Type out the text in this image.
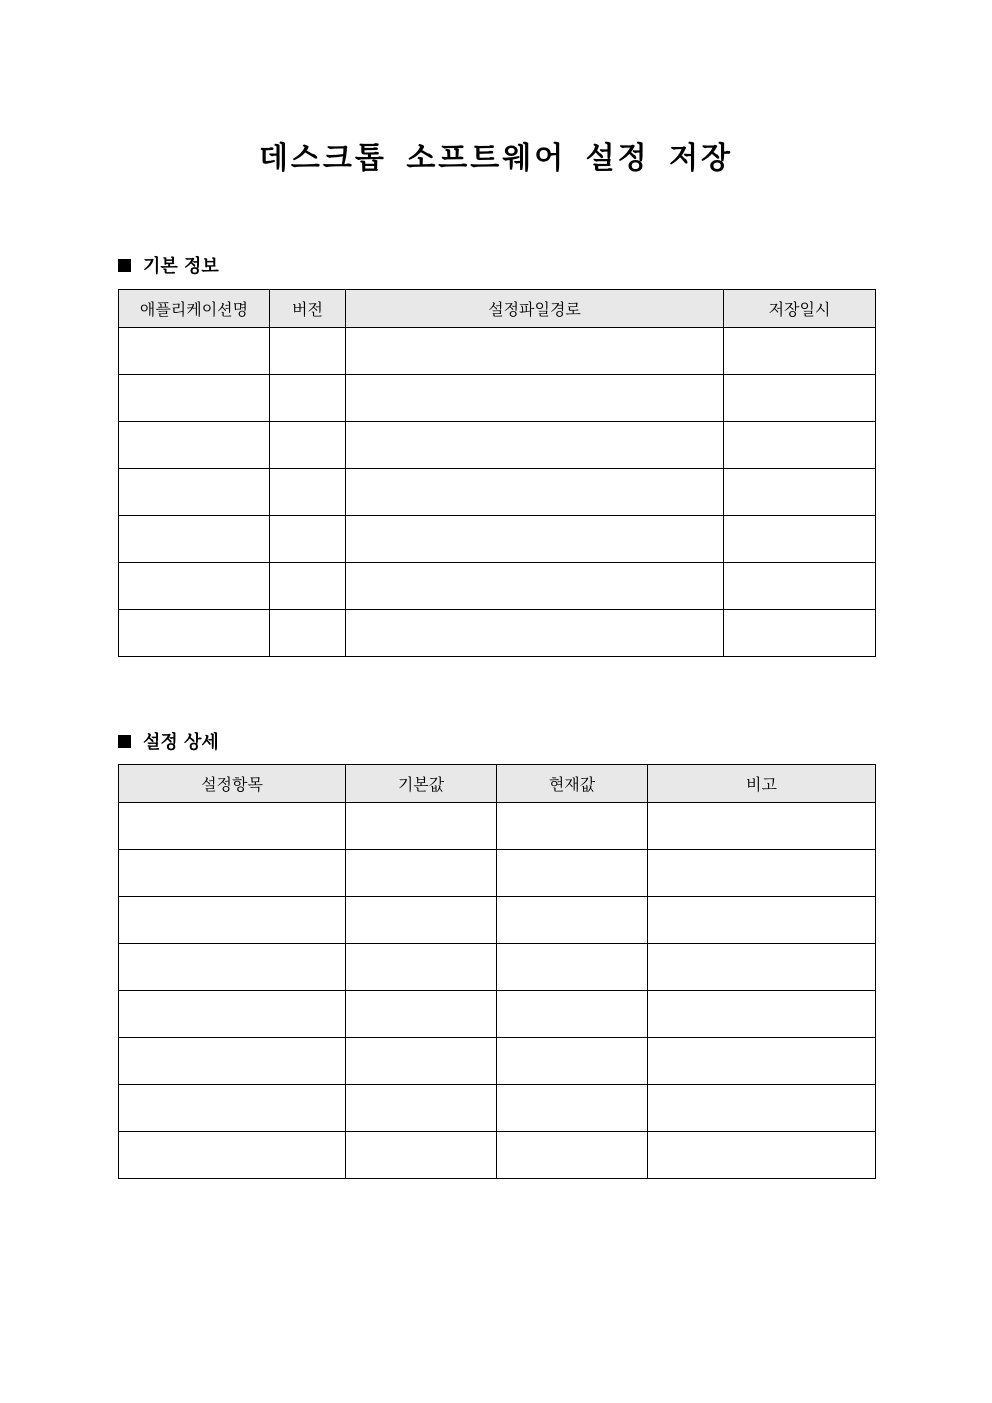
데스크톱 소프트웨어 설정 저장
기본 정보
애플리케이션명	버전	설정파일경로	저장일시

설정 상세
설정항목	기본값	현재값	비고
